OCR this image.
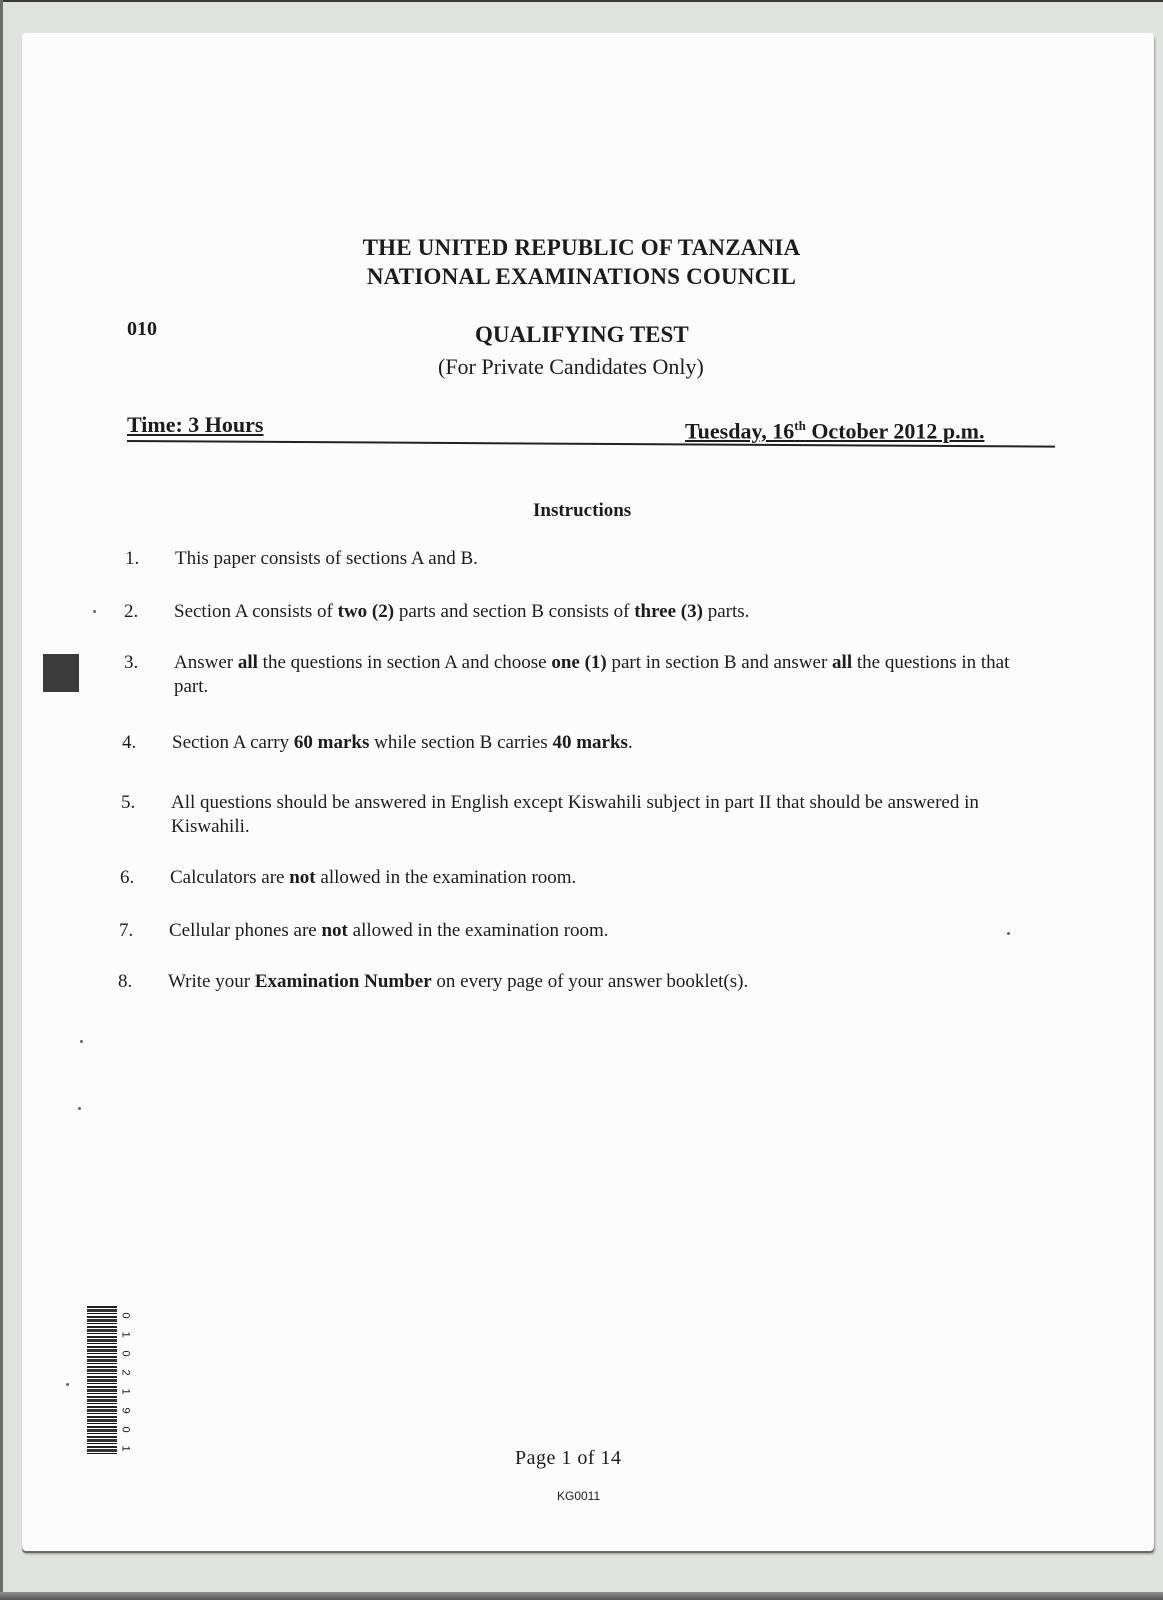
THE UNITED REPUBLIC OF TANZANIA
NATIONAL EXAMINATIONS COUNCIL
010	QUALIFYING TEST
(For Private Candidates Only)
Time: 3 Hours	Tuesday, 16th October 2012 p.m.
Instructions
1. This paper consists of sections A and B.
2. Section A consists of two (2) parts and section B consists of three (3) parts.
3. Answer all the questions in section A and choose one (1) part in section B and answer all the questions in that part.
4. Section A carry 60 marks while section B carries 40 marks.
5. All questions should be answered in English except Kiswahili subject in part II that should be answered in Kiswahili.
6. Calculators are not allowed in the examination room.
7. Cellular phones are not allowed in the examination room.
8. Write your Examination Number on every page of your answer booklet(s).
0
1
0
2
1
9
0
1	Page 1 of 14
KG0011
